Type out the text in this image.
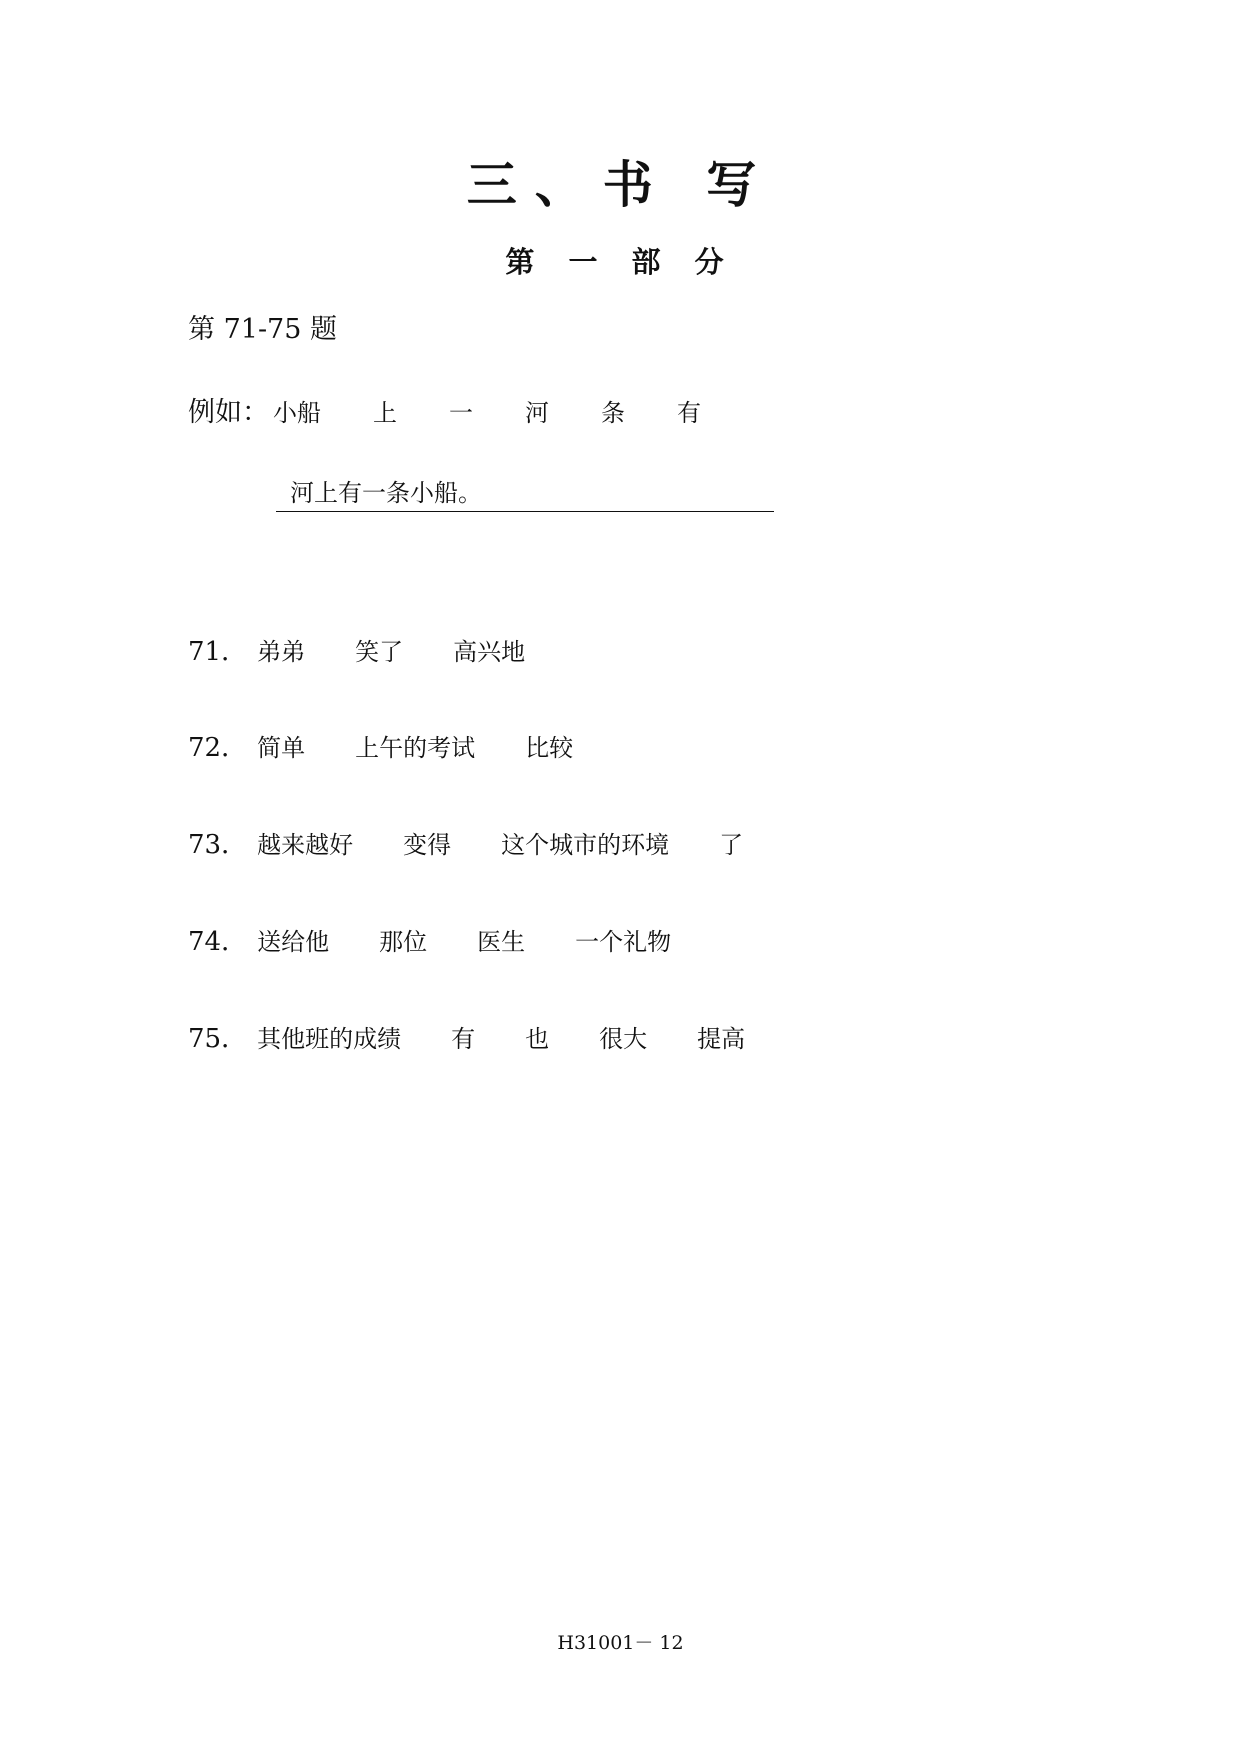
三、书 写
第 一 部 分
第 71-75 题
例如： 小船 上 一 河 条 有
河上有一条小船。
71． 弟弟 笑了 高兴地
72． 简单 上午的考试 比较
73． 越来越好 变得 这个城市的环境 了
74． 送给他 那位 医生 一个礼物
75． 其他班的成绩 有 也 很大 提高
H31001－ 12
